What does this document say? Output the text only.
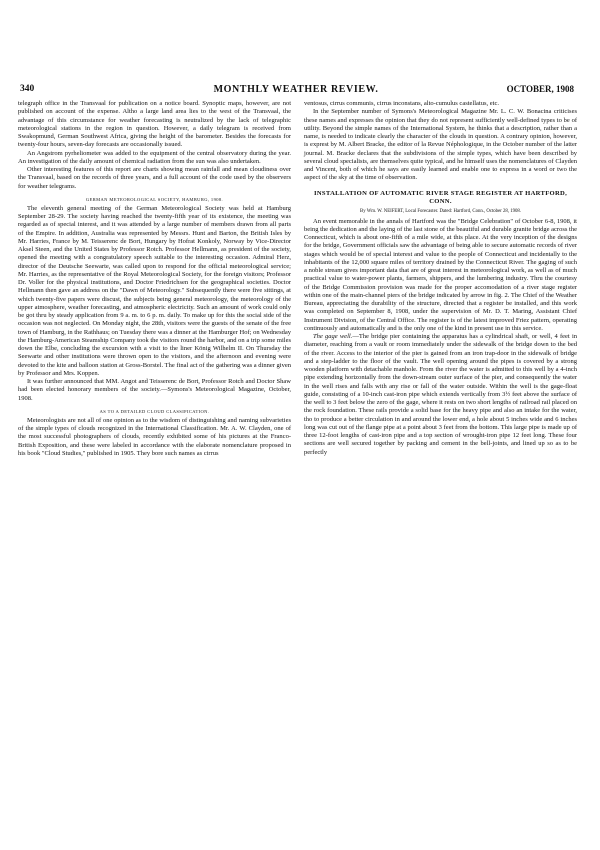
340	MONTHLY WEATHER REVIEW.	OCTOBER, 1908

telegraph office in the Transvaal for publication on a notice board. Synoptic maps, however, are not published on account of the expense. Altho a large land area lies to the west of the Transvaal, the advantage of this circumstance for weather forecasting is neutralized by the lack of telegraphic meteorological stations in the region in question. However, a daily telegram is received from Swakopmund, German Southwest Africa, giving the height of the barometer. Besides the forecasts for twenty-four hours, seven-day forecasts are occasionally issued.

An Angstrom pyrheliometer was added to the equipment of the central observatory during the year. An investigation of the daily amount of chemical radiation from the sun was also undertaken.

Other interesting features of this report are charts showing mean rainfall and mean cloudiness over the Transvaal, based on the records of three years, and a full account of the code used by the observers for weather telegrams.

GERMAN METEOROLOGICAL SOCIETY, HAMBURG, 1908.

The eleventh general meeting of the German Meteorological Society was held at Hamburg September 28-29. The society having reached the twenty-fifth year of its existence, the meeting was regarded as of special interest, and it was attended by a large number of members drawn from all parts of the Empire. In addition, Australia was represented by Messrs. Hunt and Barton, the British Isles by Mr. Harries, France by M. Teisserenc de Bort, Hungary by Hofrat Konkoly, Norway by Vice-Director Aksel Steen, and the United States by Professor Rotch. Professor Hellmann, as president of the society, opened the meeting with a congratulatory speech suitable to the interesting occasion. Admiral Herz, director of the Deutsche Seewarte, was called upon to respond for the official meteorological service; Mr. Harries, as the representative of the Royal Meteorological Society, for the foreign visitors; Professor Dr. Voller for the physical institutions, and Doctor Friedrichsen for the geographical societies. Doctor Hellmann then gave an address on the "Dawn of Meteorology." Subsequently there were five sittings, at which twenty-five papers were discust, the subjects being general meteorology, the meteorology of the upper atmosphere, weather forecasting, and atmospheric electricity. Such an amount of work could only be got thru by steady application from 9 a. m. to 6 p. m. daily. To make up for this the social side of the occasion was not neglected. On Monday night, the 28th, visitors were the guests of the senate of the free town of Hamburg, in the Rathhaus; on Tuesday there was a dinner at the Hamburger Hof; on Wednesday the Hamburg-American Steamship Company took the visitors round the harbor, and on a trip some miles down the Elbe, concluding the excursion with a visit to the liner König Wilhelm II. On Thursday the Seewarte and other institutions were thrown open to the visitors, and the afternoon and evening were devoted to the kite and balloon station at Gross-Borstel. The final act of the gathering was a dinner given by Professor and Mrs. Koppen.

It was further announced that MM. Angot and Teisserenc de Bort, Professor Rotch and Doctor Shaw had been elected honorary members of the society.—Symons's Meteorological Magazine, October, 1908.

AS TO A DETAILED CLOUD CLASSIFICATION.

Meteorologists are not all of one opinion as to the wisdom of distinguishing and naming subvarieties of the simple types of clouds recognized in the International Classification. Mr. A. W. Clayden, one of the most successful photographers of clouds, recently exhibited some of his pictures at the Franco-British Exposition, and these were labeled in accordance with the elaborate nomenclature proposed in his book "Cloud Studies," published in 1905. They bore such names as cirrus

ventosus, cirrus communis, cirrus inconstans, alto-cumulus castellatus, etc.

In the September number of Symons's Meteorological Magazine Mr. L. C. W. Bonacina criticises these names and expresses the opinion that they do not represent sufficiently well-defined types to be of utility. Beyond the simple names of the International System, he thinks that a description, rather than a name, is needed to indicate clearly the character of the clouds in question. A contrary opinion, however, is exprest by M. Albert Bracke, the editor of la Revue Néphologique, in the October number of the latter journal. M. Bracke declares that the subdivisions of the simple types, which have been described by several cloud specialists, are themselves quite typical, and he himself uses the nomenclatures of Clayden and Vincent, both of which he says are easily learned and enable one to express in a word or two the aspect of the sky at the time of observation.

INSTALLATION OF AUTOMATIC RIVER STAGE REGISTER AT HARTFORD, CONN.
By Wm. W. NEIFERT, Local Forecaster. Dated: Hartford, Conn., October 28, 1908.

An event memorable in the annals of Hartford was the "Bridge Celebration" of October 6-8, 1908, it being the dedication and the laying of the last stone of the beautiful and durable granite bridge across the Connecticut, which is about one-fifth of a mile wide, at this place. At the very inception of the designs for the bridge, Government officials saw the advantage of being able to secure automatic records of river stages which would be of special interest and value to the people of Connecticut and incidentally to the inhabitants of the 12,000 square miles of territory drained by the Connecticut River. The gaging of such a noble stream gives important data that are of great interest in meteorological work, as well as of much practical value to water-power plants, farmers, shippers, and the lumbering industry. Thru the courtesy of the Bridge Commission provision was made for the proper accomodation of a river stage register within one of the main-channel piers of the bridge indicated by arrow in fig. 2. The Chief of the Weather Bureau, appreciating the durability of the structure, directed that a register be installed, and this work was completed on September 8, 1908, under the supervision of Mr. D. T. Maring, Assistant Chief Instrument Division, of the Central Office. The register is of the latest improved Friez pattern, operating continuously and automatically and is the only one of the kind in present use in this service.

The gage well.—The bridge pier containing the apparatus has a cylindrical shaft, or well, 4 feet in diameter, reaching from a vault or room immediately under the sidewalk of the bridge down to the bed of the river. Access to the interior of the pier is gained from an iron trap-door in the sidewalk of bridge and a step-ladder to the floor of the vault. The well opening around the pipes is covered by a strong wooden platform with detachable manhole. From the river the water is admitted to this well by a 4-inch pipe extending horizontally from the down-stream outer surface of the pier, and consequently the water in the well rises and falls with any rise or fall of the water outside. Within the well is the gage-float guide, consisting of a 10-inch cast-iron pipe which extends vertically from 3½ feet above the surface of the well to 3 feet below the zero of the gage, where it rests on two short lengths of railroad rail placed on the rock foundation. These rails provide a solid base for the heavy pipe and also an intake for the water, tho to produce a better circulation in and around the lower end, a hole about 5 inches wide and 6 inches long was cut out of the flange pipe at a point about 3 feet from the bottom. This large pipe is made up of three 12-foot lengths of cast-iron pipe and a top section of wrought-iron pipe 12 feet long. These four sections are well secured together by packing and cement in the bell-joints, and lined up so as to be perfectly
